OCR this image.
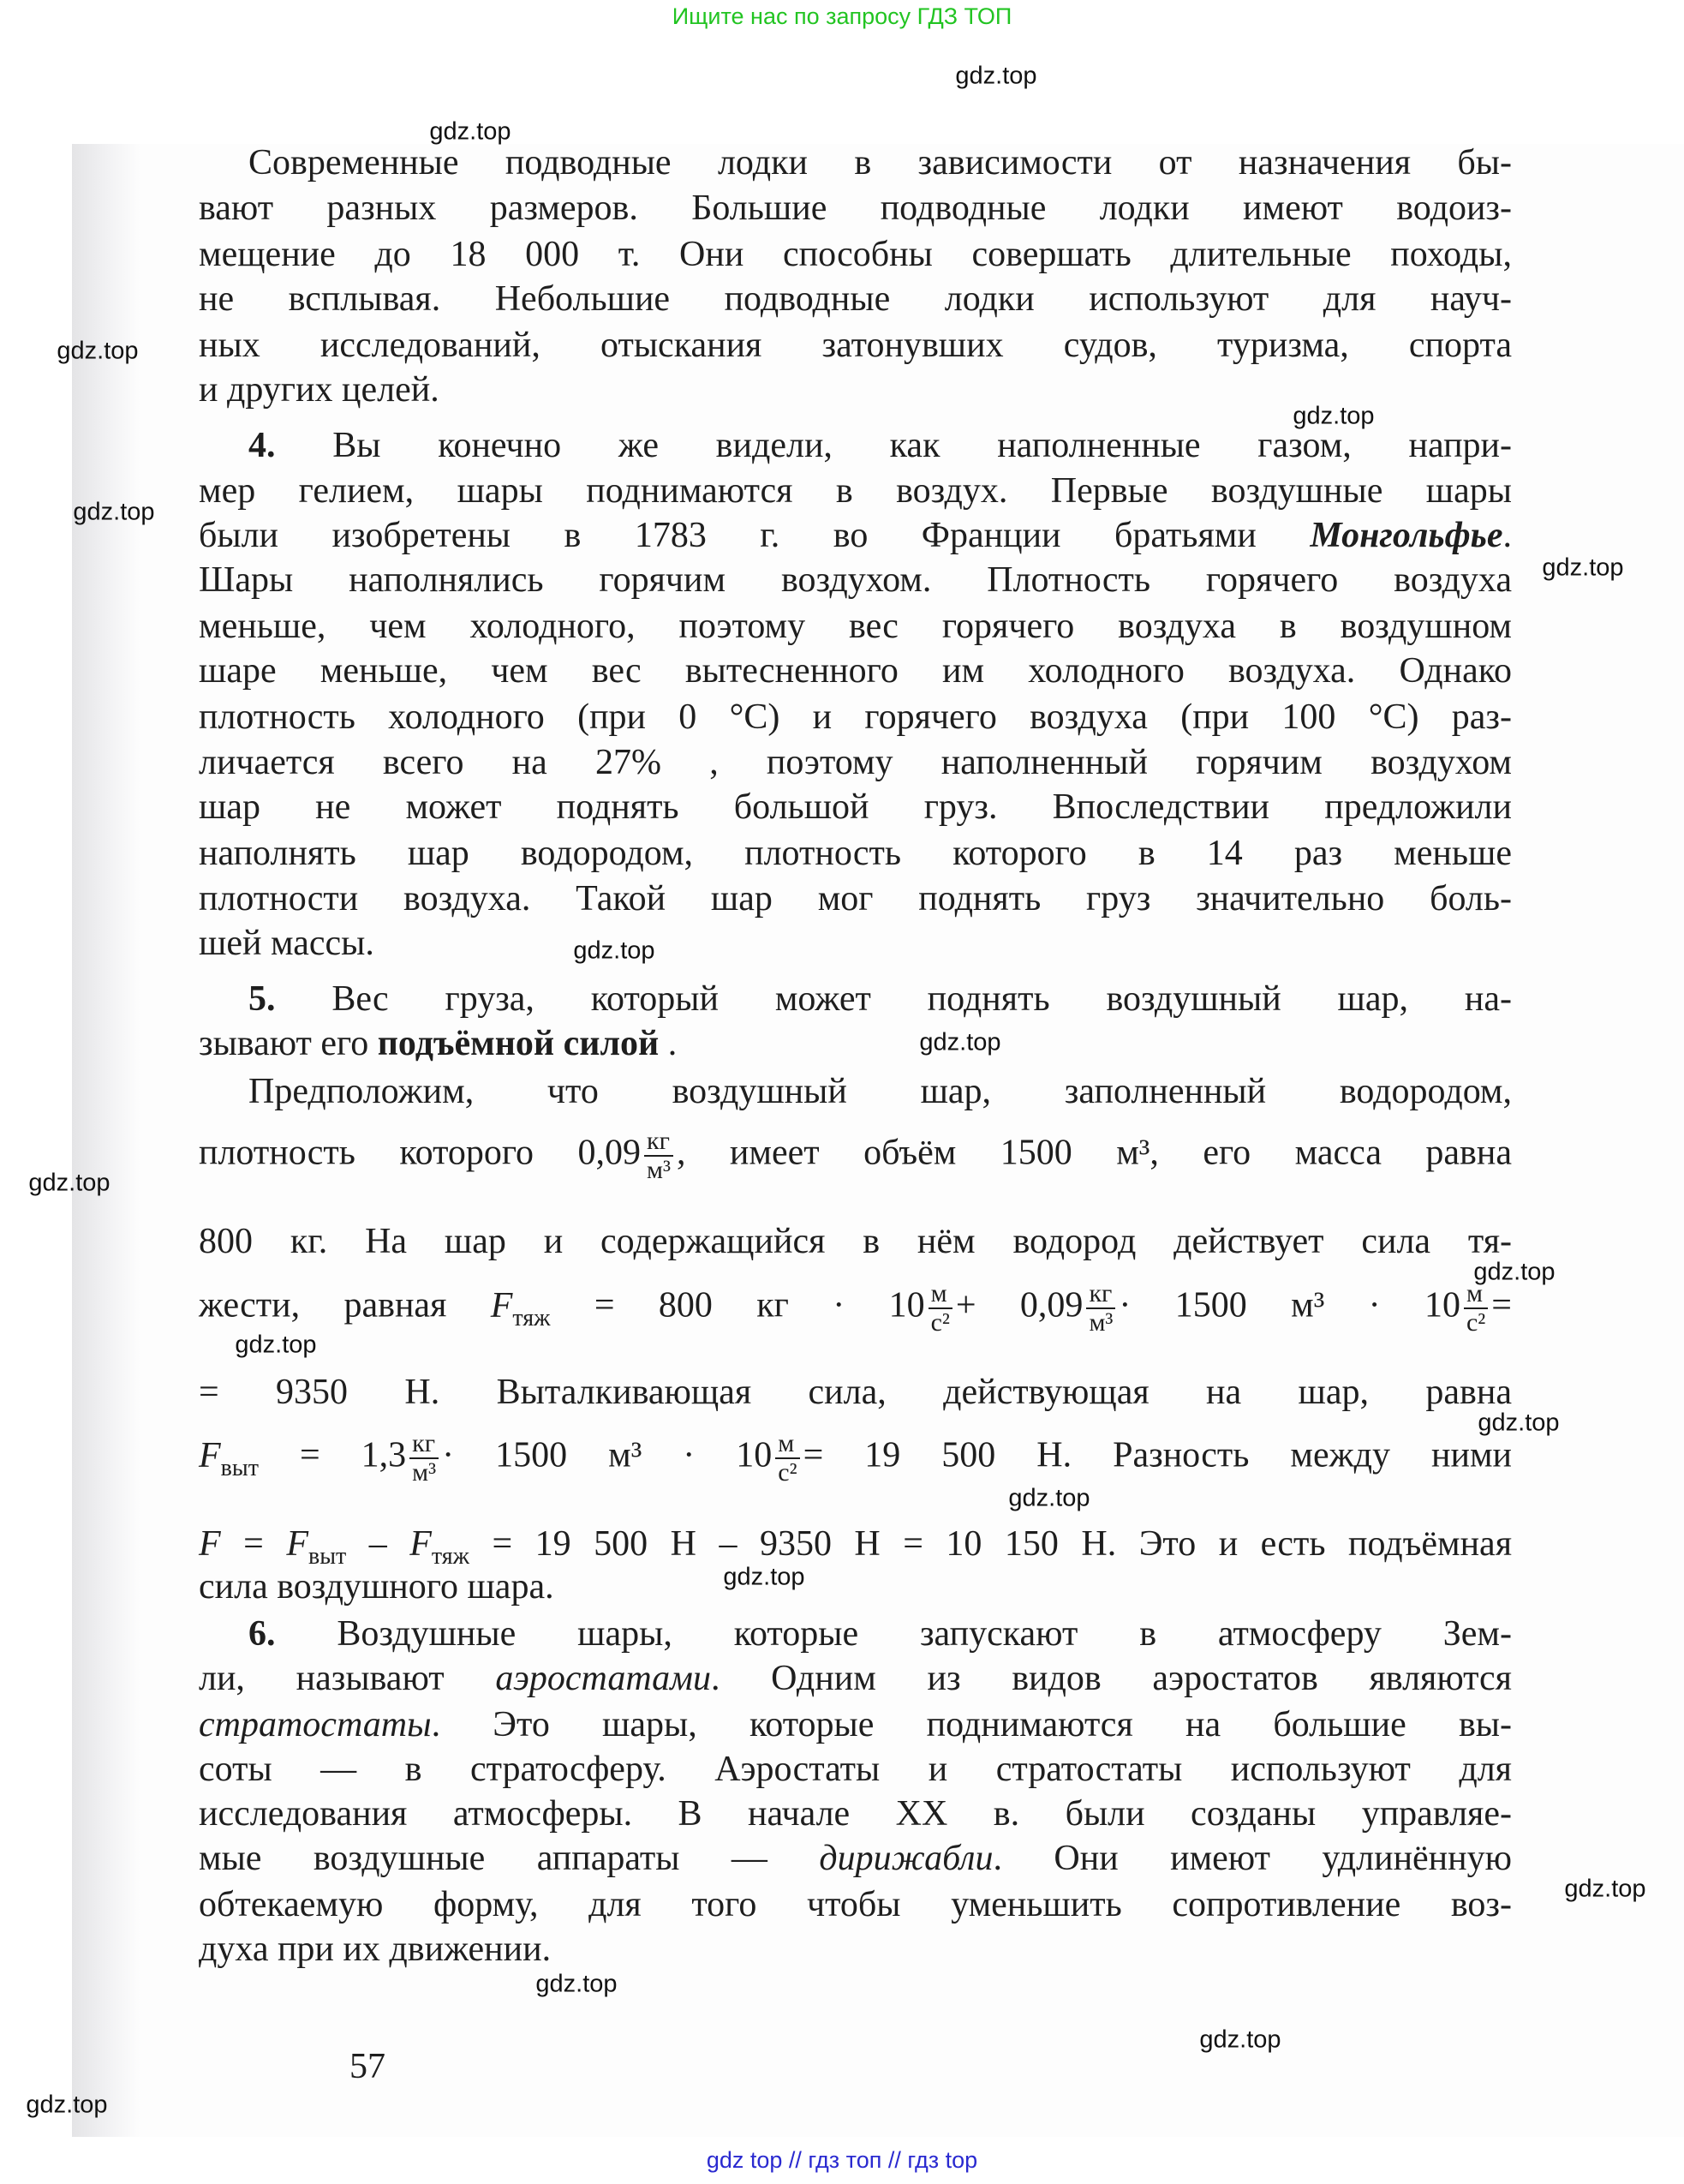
Ищите нас по запросу ГДЗ ТОП
Современные подводные лодки в зависимости от назначения бы-
вают разных размеров. Большие подводные лодки имеют водоиз-
мещение до 18 000 т. Они способны совершать длительные походы,
не всплывая. Небольшие подводные лодки используют для науч-
ных исследований, отыскания затонувших судов, туризма, спорта
и других целей.
4. Вы конечно же видели, как наполненные газом, напри-
мер гелием, шары поднимаются в воздух. Первые воздушные шары
были изобретены в 1783 г. во Франции братьями Монгольфье.
Шары наполнялись горячим воздухом. Плотность горячего воздуха
меньше, чем холодного, поэтому вес горячего воздуха в воздушном
шаре меньше, чем вес вытесненного им холодного воздуха. Однако
плотность холодного (при 0 °C) и горячего воздуха (при 100 °C) раз-
личается всего на 27% , поэтому наполненный горячим воздухом
шар не может поднять большой груз. Впоследствии предложили
наполнять шар водородом, плотность которого в 14 раз меньше
плотности воздуха. Такой шар мог поднять груз значительно боль-
шей массы.
5. Вес груза, который может поднять воздушный шар, на-
зывают его подъёмной силой .
Предположим, что воздушный шар, заполненный водородом,
плотность которого $0,09 \frac{кг}{\text{м³}}$ , имеет объём 1500 м³, его масса равна
800 кг. На шар и содержащийся в нём водород действует сила тя-
жести, равная $F_{тяж} = 800$ кг · $10 \frac{м}{\text{с²}} + 0,09 \frac{кг}{\text{м³}} \cdot 1500$ $м^3 \cdot 10 \frac{м}{\text{с²}}$ =
= 9350 Н. Выталкивающая сила, действующая на шар, равна
$F_{выт} = 1,3 \frac{кг}{\text{м³}} \cdot 1500$ $м^3 \cdot 10 \frac{м}{\text{с²}} = 19$ 500 Н. Разность между ними
$F = F_{выт} - F_{тяж} = 19$ 500 Н – 9350 Н = 10 150 Н. Это и есть подъёмная
сила воздушного шара.
6. Воздушные шары, которые запускают в атмосферу Зем-
ли, называют аэростатами. Одним из видов аэростатов являются
стратостаты. Это шары, которые поднимаются на большие вы-
соты — в стратосферу. Аэростаты и стратостаты используют для
исследования атмосферы. В начале XX в. были созданы управляе-
мые воздушные аппараты — дирижабли. Они имеют удлинённую
обтекаемую форму, для того чтобы уменьшить сопротивление воз-
духа при их движении.
57
gdz.top
gdz.top
gdz.top
gdz.top
gdz.top
gdz.top
gdz.top
gdz.top
gdz.top
gdz.top
gdz.top
gdz.top
gdz.top
gdz.top
gdz.top
gdz.top
gdz.top
gdz.top
gdz top // гдз топ // гдз top
